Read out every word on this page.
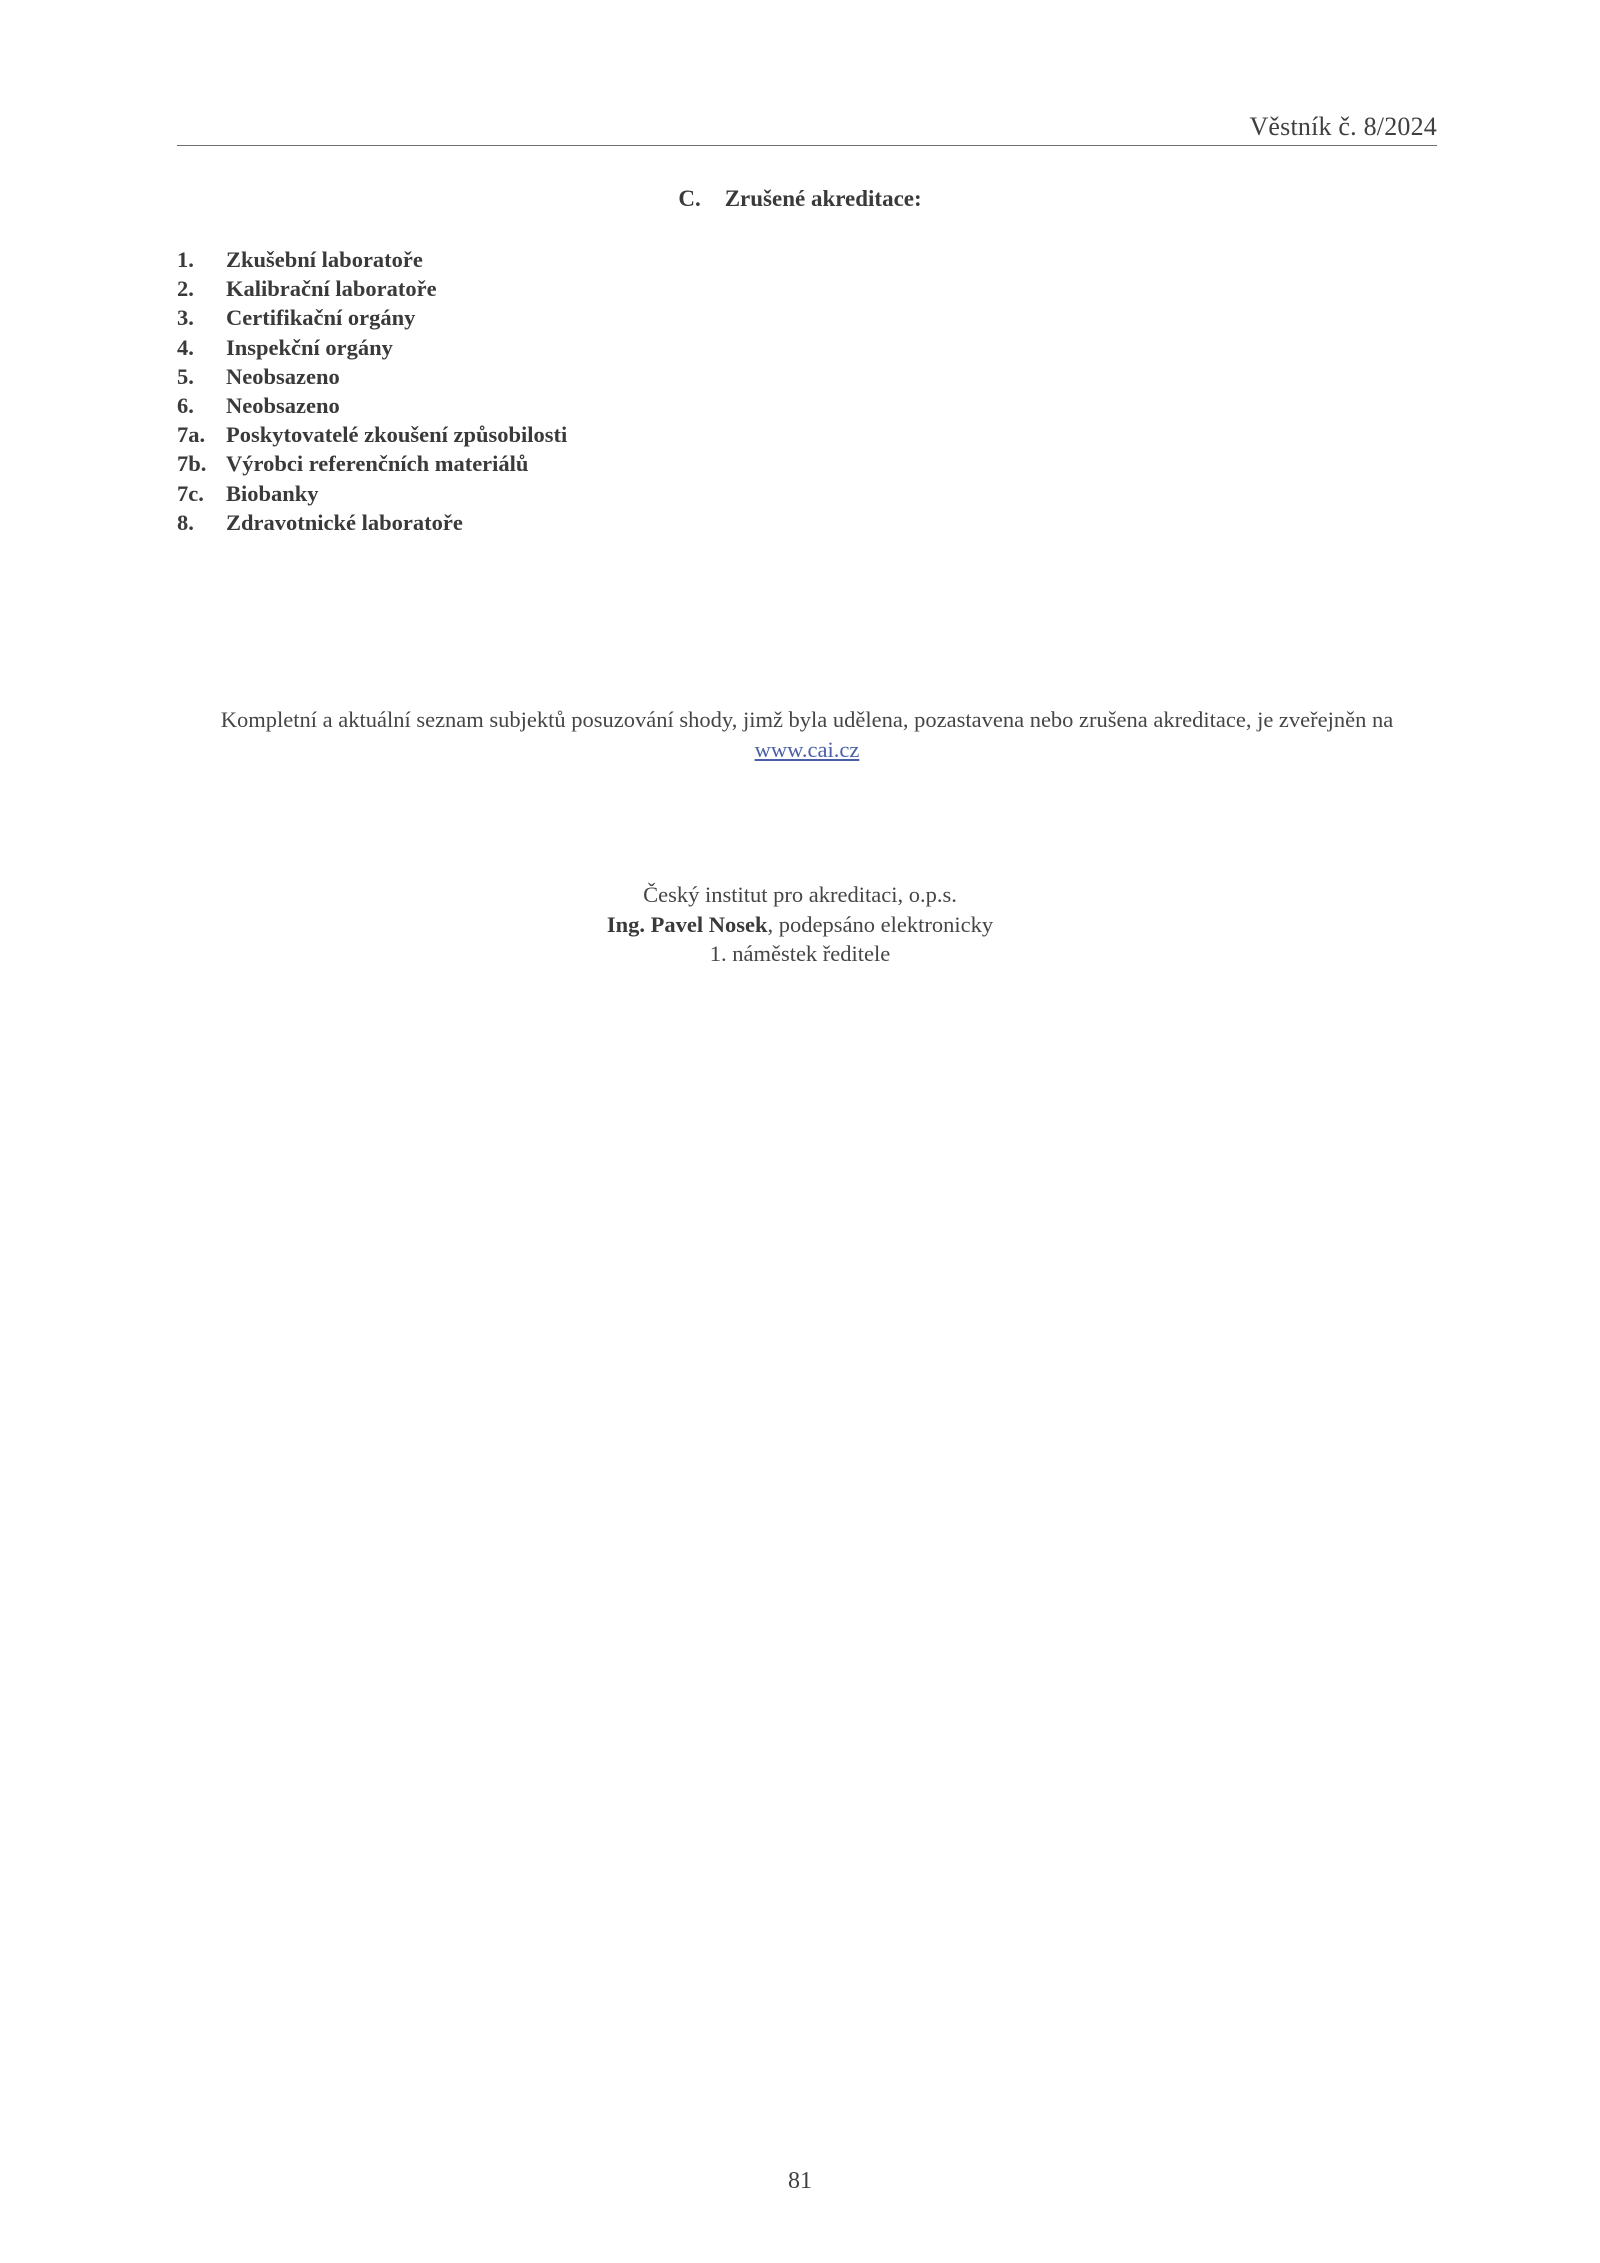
Věstník č. 8/2024
C. Zrušené akreditace:
1.	Zkušební laboratoře
2.	Kalibrační laboratoře
3.	Certifikační orgány
4.	Inspekční orgány
5.	Neobsazeno
6.	Neobsazeno
7a. Poskytovatelé zkoušení způsobilosti
7b. Výrobci referenčních materiálů
7c. Biobanky
8.	Zdravotnické laboratoře
Kompletní a aktuální seznam subjektů posuzování shody, jimž byla udělena, pozastavena nebo zrušena akreditace, je zveřejněn na www.cai.cz
Český institut pro akreditaci, o.p.s.
Ing. Pavel Nosek, podepsáno elektronicky
1. náměstek ředitele
81
